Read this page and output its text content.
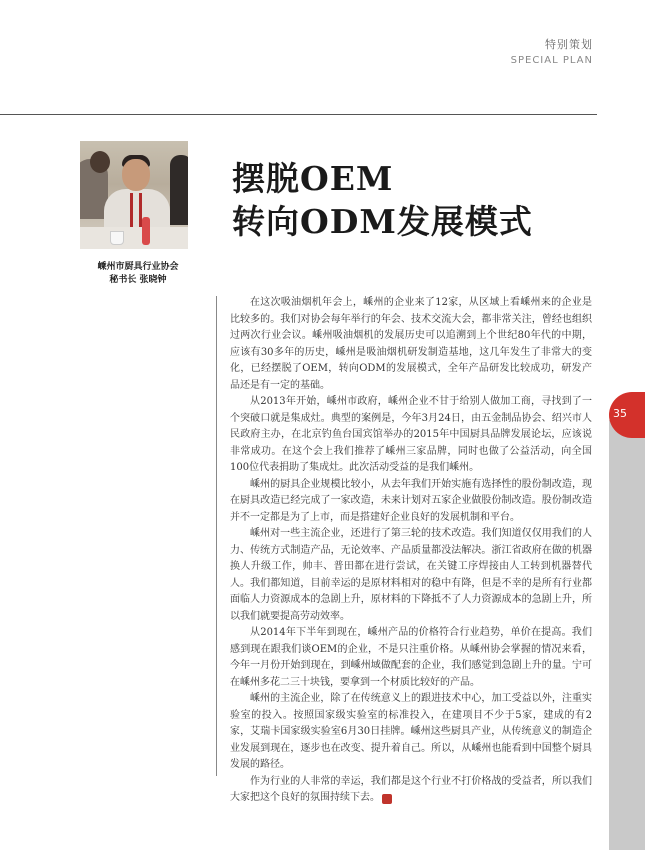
特别策划
SPECIAL PLAN
嵊州市厨具行业协会
秘书长 张晓钟
摆脱OEM
转向ODM发展模式

在这次吸油烟机年会上，嵊州的企业来了12家，从区域上看嵊州来的企业是比较多的。我们对协会每年举行的年会、技术交流大会，都非常关注，曾经也组织过两次行业会议。嵊州吸油烟机的发展历史可以追溯到上个世纪80年代的中期，应该有30多年的历史，嵊州是吸油烟机研发制造基地，这几年发生了非常大的变化，已经摆脱了OEM，转向ODM的发展模式，全年产品研发比较成功，研发产品还是有一定的基础。

从2013年开始，嵊州市政府，嵊州企业不甘于给别人做加工商，寻找到了一个突破口就是集成灶。典型的案例是，今年3月24日，由五金制品协会、绍兴市人民政府主办，在北京钓鱼台国宾馆举办的2015年中国厨具品牌发展论坛，应该说非常成功。在这个会上我们推荐了嵊州三家品牌，同时也做了公益活动，向全国100位代表捐助了集成灶。此次活动受益的是我们嵊州。

嵊州的厨具企业规模比较小，从去年我们开始实施有选择性的股份制改造，现在厨具改造已经完成了一家改造，未来计划对五家企业做股份制改造。股份制改造并不一定都是为了上市，而是搭建好企业良好的发展机制和平台。

嵊州对一些主流企业，还进行了第三轮的技术改造。我们知道仅仅用我们的人力、传统方式制造产品，无论效率、产品质量都没法解决。浙江省政府在做的机器换人升级工作，帅丰、普田都在进行尝试，在关键工序焊接由人工转到机器替代人。我们都知道，目前幸运的是原材料相对的稳中有降，但是不幸的是所有行业都面临人力资源成本的急剧上升，原材料的下降抵不了人力资源成本的急剧上升，所以我们就要提高劳动效率。

从2014年下半年到现在，嵊州产品的价格符合行业趋势，单价在提高。我们感到现在跟我们谈OEM的企业，不是只注重价格。从嵊州协会掌握的情况来看，今年一月份开始到现在，到嵊州域做配套的企业，我们感觉到急剧上升的量。宁可在嵊州多花二三十块钱，要拿到一个材质比较好的产品。

嵊州的主流企业，除了在传统意义上的跟进技术中心，加工受益以外，注重实验室的投入。按照国家级实验室的标准投入，在建项目不少于5家，建成的有2家，艾瑞卡国家级实验室6月30日挂牌。嵊州这些厨具产业，从传统意义的制造企业发展到现在，逐步也在改变、提升着自己。所以，从嵊州也能看到中国整个厨具发展的路径。

作为行业的人非常的幸运，我们都是这个行业不打价格战的受益者，所以我们大家把这个良好的氛围持续下去。	回

35
